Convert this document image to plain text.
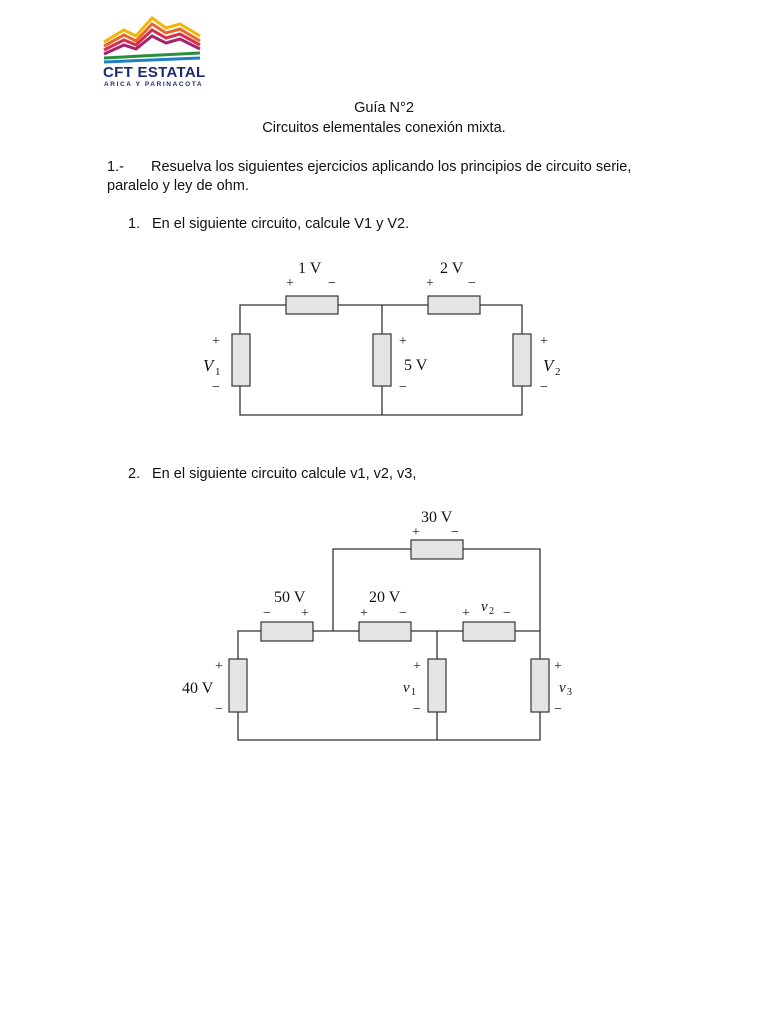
CFT ESTATAL
ARICA Y PARINACOTA
Guía N°2
Circuitos elementales conexión mixta.
1.- Resuelva los siguientes ejercicios aplicando los principios de circuito serie,
paralelo y ley de ohm.
1. En el siguiente circuito, calcule V1 y V2.
1 V
+ −
2 V
+ −
+
V 1
−
+
5 V
−
+
V 2
−
2. En el siguiente circuito calcule v1, v2, v3,
30 V
+ −
50 V
− +
20 V
+ −	+ v 2 −
+
40 V
−
+
v 1
−
+
v 3
−
